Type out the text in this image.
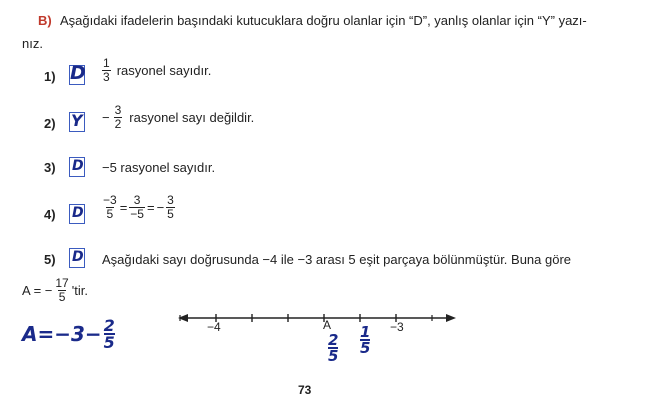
B) Aşağıdaki ifadelerin başındaki kutucuklara doğru olanlar için “D”, yanlış olanlar için “Y” yazı-
nız.
1) D $\frac{1}{3}$ rasyonel sayıdır.
2) $Y - \frac{3}{2}$ rasyonel sayı değildir.
3) D −5 rasyonel sayıdır.
4) D $\frac{-3}{5} = \frac{3}{-5}$ = − $\frac{3}{5}$
5) D Aşağıdaki sayı doğrusunda −4 ile −3 arası 5 eşit parçaya bölünmüştür. Buna göre
A = − $\frac{17}{5}$ 'tir.
−4	A	−3
$A=-3- \frac{2}{5}$	$\frac{2}{5} \frac{1}{5}$
73
